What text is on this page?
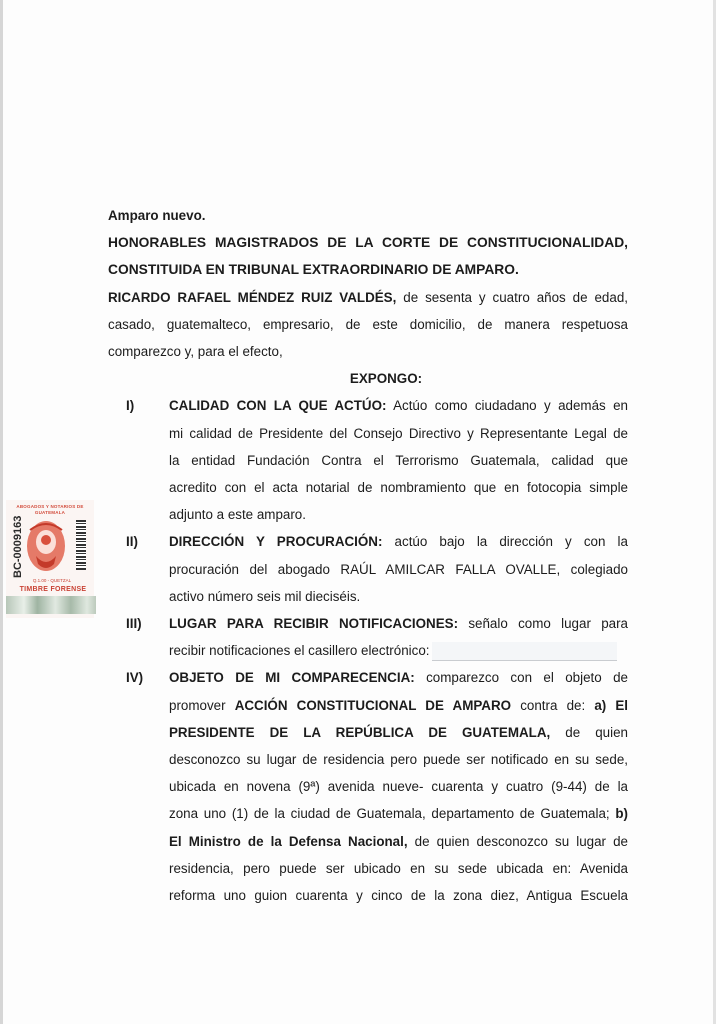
ABOGADOS Y NOTARIOS DE GUATEMALA
BC-0009163
Q.1.00 - QUETZAL
TIMBRE FORENSE
Amparo nuevo.
HONORABLES MAGISTRADOS DE LA CORTE DE CONSTITUCIONALIDAD,
CONSTITUIDA EN TRIBUNAL EXTRAORDINARIO DE AMPARO.
RICARDO RAFAEL MÉNDEZ RUIZ VALDÉS, de sesenta y cuatro años de edad,
casado, guatemalteco, empresario, de este domicilio, de manera respetuosa
comparezco y, para el efecto,
EXPONGO:
I)	CALIDAD CON LA QUE ACTÚO: Actúo como ciudadano y además en
mi calidad de Presidente del Consejo Directivo y Representante Legal de
la entidad Fundación Contra el Terrorismo Guatemala, calidad que
acredito con el acta notarial de nombramiento que en fotocopia simple
adjunto a este amparo.
II) DIRECCIÓN Y PROCURACIÓN: actúo bajo la dirección y con la
procuración del abogado RAÚL AMILCAR FALLA OVALLE, colegiado
activo número seis mil dieciséis.
III) LUGAR PARA RECIBIR NOTIFICACIONES: señalo como lugar para
recibir notificaciones el casillero electrónico:
IV) OBJETO DE MI COMPARECENCIA: comparezco con el objeto de
promover ACCIÓN CONSTITUCIONAL DE AMPARO contra de: a) El
PRESIDENTE DE LA REPÚBLICA DE GUATEMALA, de quien
desconozco su lugar de residencia pero puede ser notificado en su sede,
ubicada en novena (9ª) avenida nueve- cuarenta y cuatro (9-44) de la
zona uno (1) de la ciudad de Guatemala, departamento de Guatemala; b)
El Ministro de la Defensa Nacional, de quien desconozco su lugar de
residencia, pero puede ser ubicado en su sede ubicada en: Avenida
reforma uno guion cuarenta y cinco de la zona diez, Antigua Escuela
